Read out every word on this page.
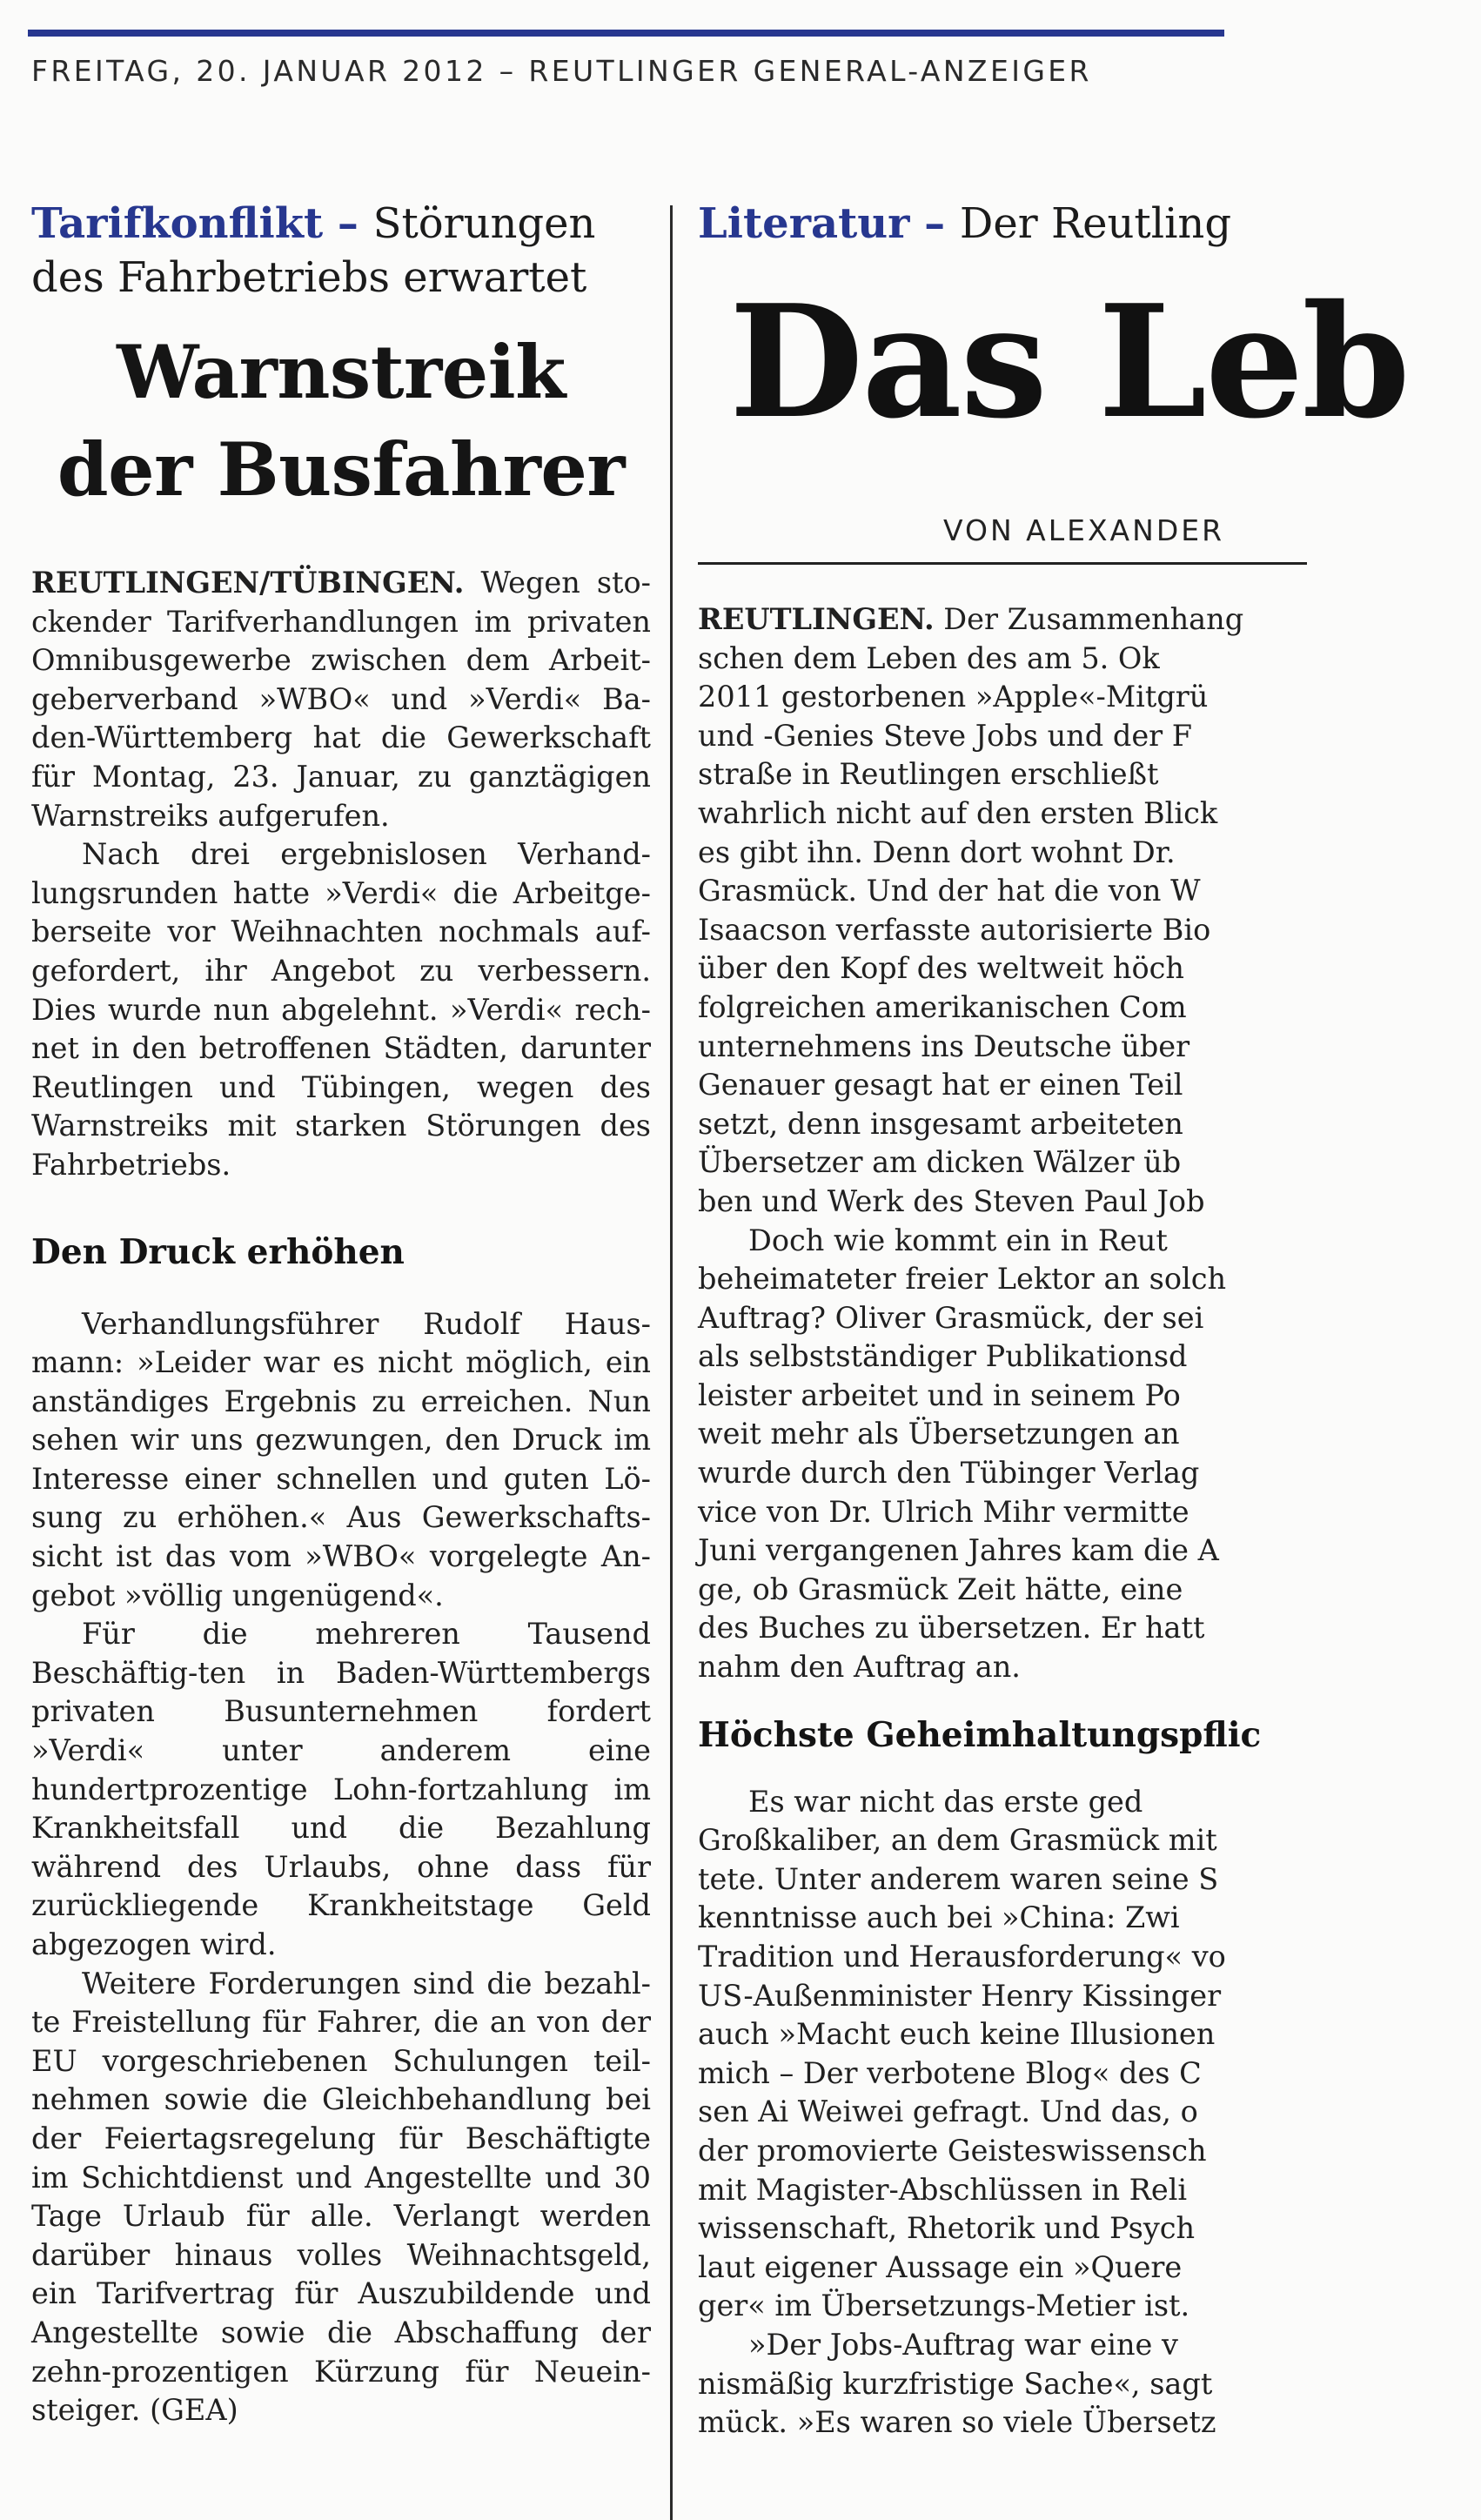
FREITAG, 20. JANUAR 2012 – REUTLINGER GENERAL-ANZEIGER
Tarifkonflikt – Störungen des Fahrbetriebs erwartet
Warnstreik
der Busfahrer

REUTLINGEN/TÜBINGEN. Wegen sto-ckender Tarifverhandlungen im privaten Omnibusgewerbe zwischen dem Arbeit-geberverband »WBO« und »Verdi« Ba-den-Württemberg hat die Gewerkschaft für Montag, 23. Januar, zu ganztägigen Warnstreiks aufgerufen.

Nach drei ergebnislosen Verhand-lungsrunden hatte »Verdi« die Arbeitge-berseite vor Weihnachten nochmals auf-gefordert, ihr Angebot zu verbessern. Dies wurde nun abgelehnt. »Verdi« rech-net in den betroffenen Städten, darunter Reutlingen und Tübingen, wegen des Warnstreiks mit starken Störungen des Fahrbetriebs.

Den Druck erhöhen

Verhandlungsführer Rudolf Haus-mann: »Leider war es nicht möglich, ein anständiges Ergebnis zu erreichen. Nun sehen wir uns gezwungen, den Druck im Interesse einer schnellen und guten Lö-sung zu erhöhen.« Aus Gewerkschafts-sicht ist das vom »WBO« vorgelegte An-gebot »völlig ungenügend«.

Für die mehreren Tausend Beschäftig-ten in Baden-Württembergs privaten Busunternehmen fordert »Verdi« unter anderem eine hundertprozentige Lohn-fortzahlung im Krankheitsfall und die Bezahlung während des Urlaubs, ohne dass für zurückliegende Krankheitstage Geld abgezogen wird.

Weitere Forderungen sind die bezahl-te Freistellung für Fahrer, die an von der EU vorgeschriebenen Schulungen teil-nehmen sowie die Gleichbehandlung bei der Feiertagsregelung für Beschäftigte im Schichtdienst und Angestellte und 30 Tage Urlaub für alle. Verlangt werden darüber hinaus volles Weihnachtsgeld, ein Tarifvertrag für Auszubildende und Angestellte sowie die Abschaffung der zehn-prozentigen Kürzung für Neuein-steiger. (GEA)

Literatur – Der Reutling
Das Leb
VON ALEXANDER
REUTLINGEN. Der Zusammenhang
schen dem Leben des am 5. Ok
2011 gestorbenen »Apple«-Mitgrü
und -Genies Steve Jobs und der F
straße in Reutlingen erschließt
wahrlich nicht auf den ersten Blick
es gibt ihn. Denn dort wohnt Dr.
Grasmück. Und der hat die von W
Isaacson verfasste autorisierte Bio
über den Kopf des weltweit höch
folgreichen amerikanischen Com
unternehmens ins Deutsche über
Genauer gesagt hat er einen Teil
setzt, denn insgesamt arbeiteten
Übersetzer am dicken Wälzer üb
ben und Werk des Steven Paul Job
Doch wie kommt ein in Reut
beheimateter freier Lektor an solch
Auftrag? Oliver Grasmück, der sei
als selbstständiger Publikationsd
leister arbeitet und in seinem Po
weit mehr als Übersetzungen an
wurde durch den Tübinger Verlag
vice von Dr. Ulrich Mihr vermitte
Juni vergangenen Jahres kam die A
ge, ob Grasmück Zeit hätte, eine
des Buches zu übersetzen. Er hatt
nahm den Auftrag an.
Höchste Geheimhaltungspflic
Es war nicht das erste ged
Großkaliber, an dem Grasmück mit
tete. Unter anderem waren seine S
kenntnisse auch bei »China: Zwi
Tradition und Herausforderung« vo
US-Außenminister Henry Kissinger
auch »Macht euch keine Illusionen
mich – Der verbotene Blog« des C
sen Ai Weiwei gefragt. Und das, o
der promovierte Geisteswissensch
mit Magister-Abschlüssen in Reli
wissenschaft, Rhetorik und Psych
laut eigener Aussage ein »Quere
ger« im Übersetzungs-Metier ist.
»Der Jobs-Auftrag war eine v
nismäßig kurzfristige Sache«, sagt
mück. »Es waren so viele Übersetz
